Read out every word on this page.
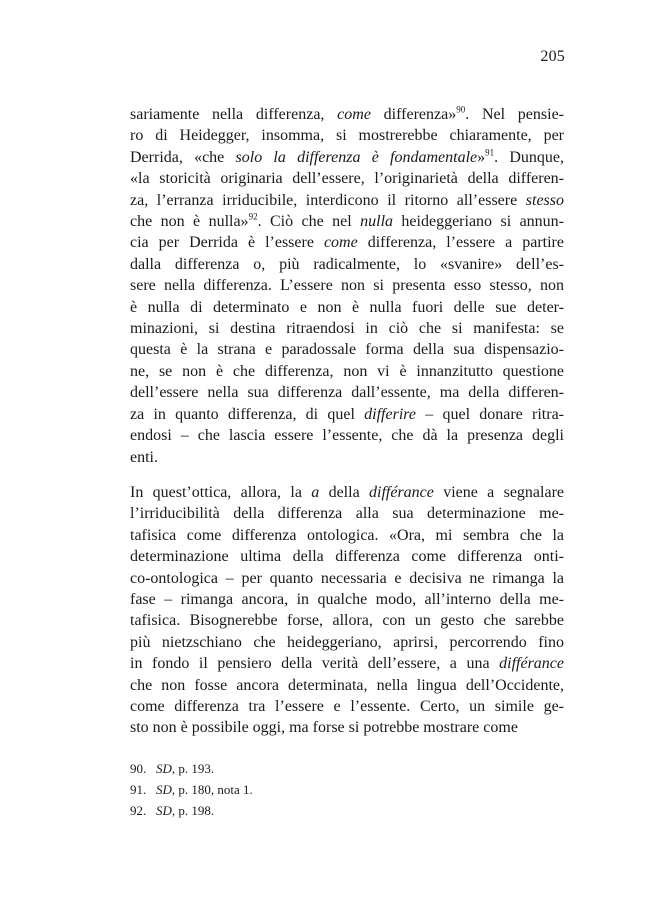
205

sariamente nella differenza, come differenza»$^{90}$. Nel pensie-
ro di Heidegger, insomma, si mostrerebbe chiaramente, per
Derrida, «che solo la differenza è fondamentale»$^{91}$. Dunque,
«la storicità originaria dell’essere, l’originarietà della differen-
za, l’erranza irriducibile, interdicono il ritorno all’essere stesso
che non è nulla»$^{92}$. Ciò che nel nulla heideggeriano si annun-
cia per Derrida è l’essere come differenza, l’essere a partire
dalla differenza o, più radicalmente, lo «svanire» dell’es-
sere nella differenza. L’essere non si presenta esso stesso, non
è nulla di determinato e non è nulla fuori delle sue deter-
minazioni, si destina ritraendosi in ciò che si manifesta: se
questa è la strana e paradossale forma della sua dispensazio-
ne, se non è che differenza, non vi è innanzitutto questione
dell’essere nella sua differenza dall’essente, ma della differen-
za in quanto differenza, di quel differire – quel donare ritra-
endosi – che lascia essere l’essente, che dà la presenza degli
enti.

In quest’ottica, allora, la a della différance viene a segnalare
l’irriducibilità della differenza alla sua determinazione me-
tafisica come differenza ontologica. «Ora, mi sembra che la
determinazione ultima della differenza come differenza onti-
co-ontologica – per quanto necessaria e decisiva ne rimanga la
fase – rimanga ancora, in qualche modo, all’interno della me-
tafisica. Bisognerebbe forse, allora, con un gesto che sarebbe
più nietzschiano che heideggeriano, aprirsi, percorrendo fino
in fondo il pensiero della verità dell’essere, a una différance
che non fosse ancora determinata, nella lingua dell’Occidente,
come differenza tra l’essere e l’essente. Certo, un simile ge-
sto non è possibile oggi, ma forse si potrebbe mostrare come

90. SD, p. 193.
91. SD, p. 180, nota 1.
92. SD, p. 198.
